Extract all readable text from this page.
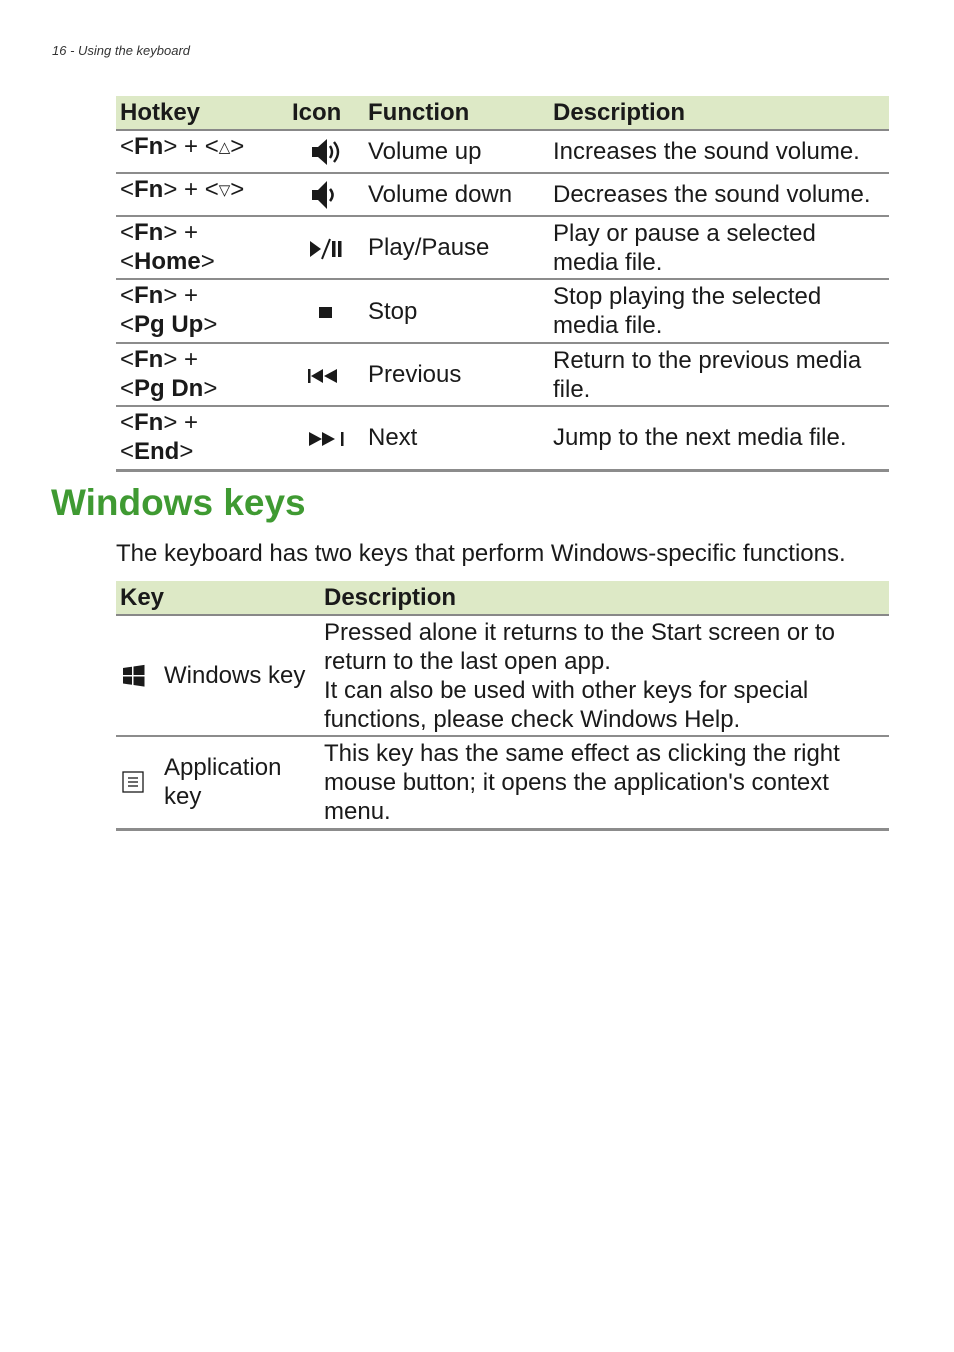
16 - Using the keyboard
Hotkey	Icon	Function	Description
<Fn> + <△>		Volume up	Increases the sound volume.
<Fn> + <▽>		Volume down	Decreases the sound volume.
<Fn> +
<Home>		Play/Pause	Play or pause a selected media file.
<Fn> +
<Pg Up>		Stop	Stop playing the selected media file.
<Fn> +
<Pg Dn>		Previous	Return to the previous media file.
<Fn> +
<End>		Next	Jump to the next media file.
Windows keys

The keyboard has two keys that perform Windows-specific functions.

Key	Description

Windows key	Pressed alone it returns to the Start screen or to return to the last open app.
It can also be used with other keys for special functions, please check Windows Help.

Application key	This key has the same effect as clicking the right mouse button; it opens the application's context menu.
